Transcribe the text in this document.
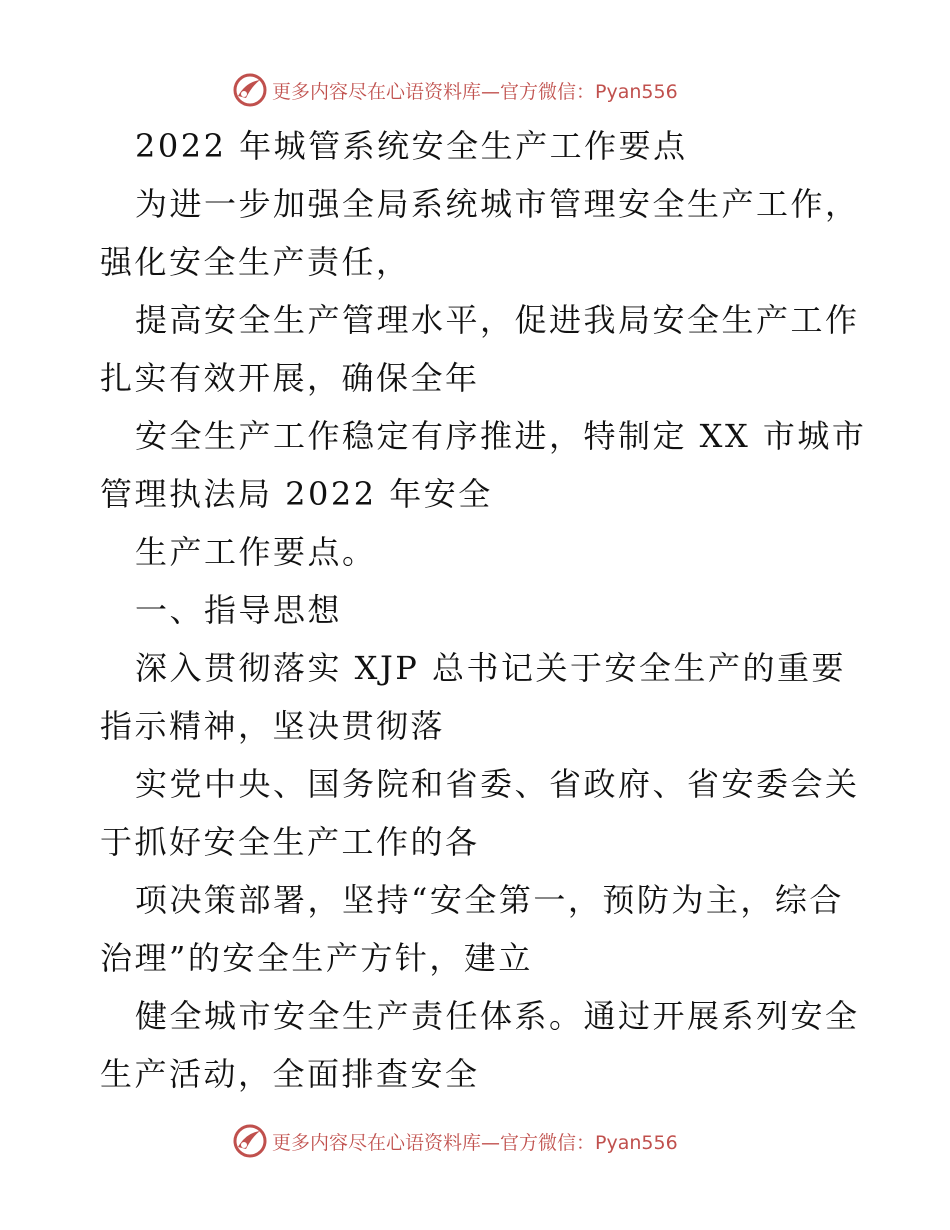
更多内容尽在心语资料库—官方微信：Pyan556
2022 年城管系统安全生产工作要点
为进一步加强全局系统城市管理安全生产工作，
强化安全生产责任，
提高安全生产管理水平，促进我局安全生产工作
扎实有效开展，确保全年
安全生产工作稳定有序推进，特制定 XX 市城市
管理执法局 2022 年安全
生产工作要点。
一、指导思想
深入贯彻落实 XJP 总书记关于安全生产的重要
指示精神，坚决贯彻落
实党中央、国务院和省委、省政府、省安委会关
于抓好安全生产工作的各
项决策部署，坚持“安全第一，预防为主，综合
治理”的安全生产方针，建立
健全城市安全生产责任体系。通过开展系列安全
生产活动，全面排查安全
更多内容尽在心语资料库—官方微信：Pyan556
